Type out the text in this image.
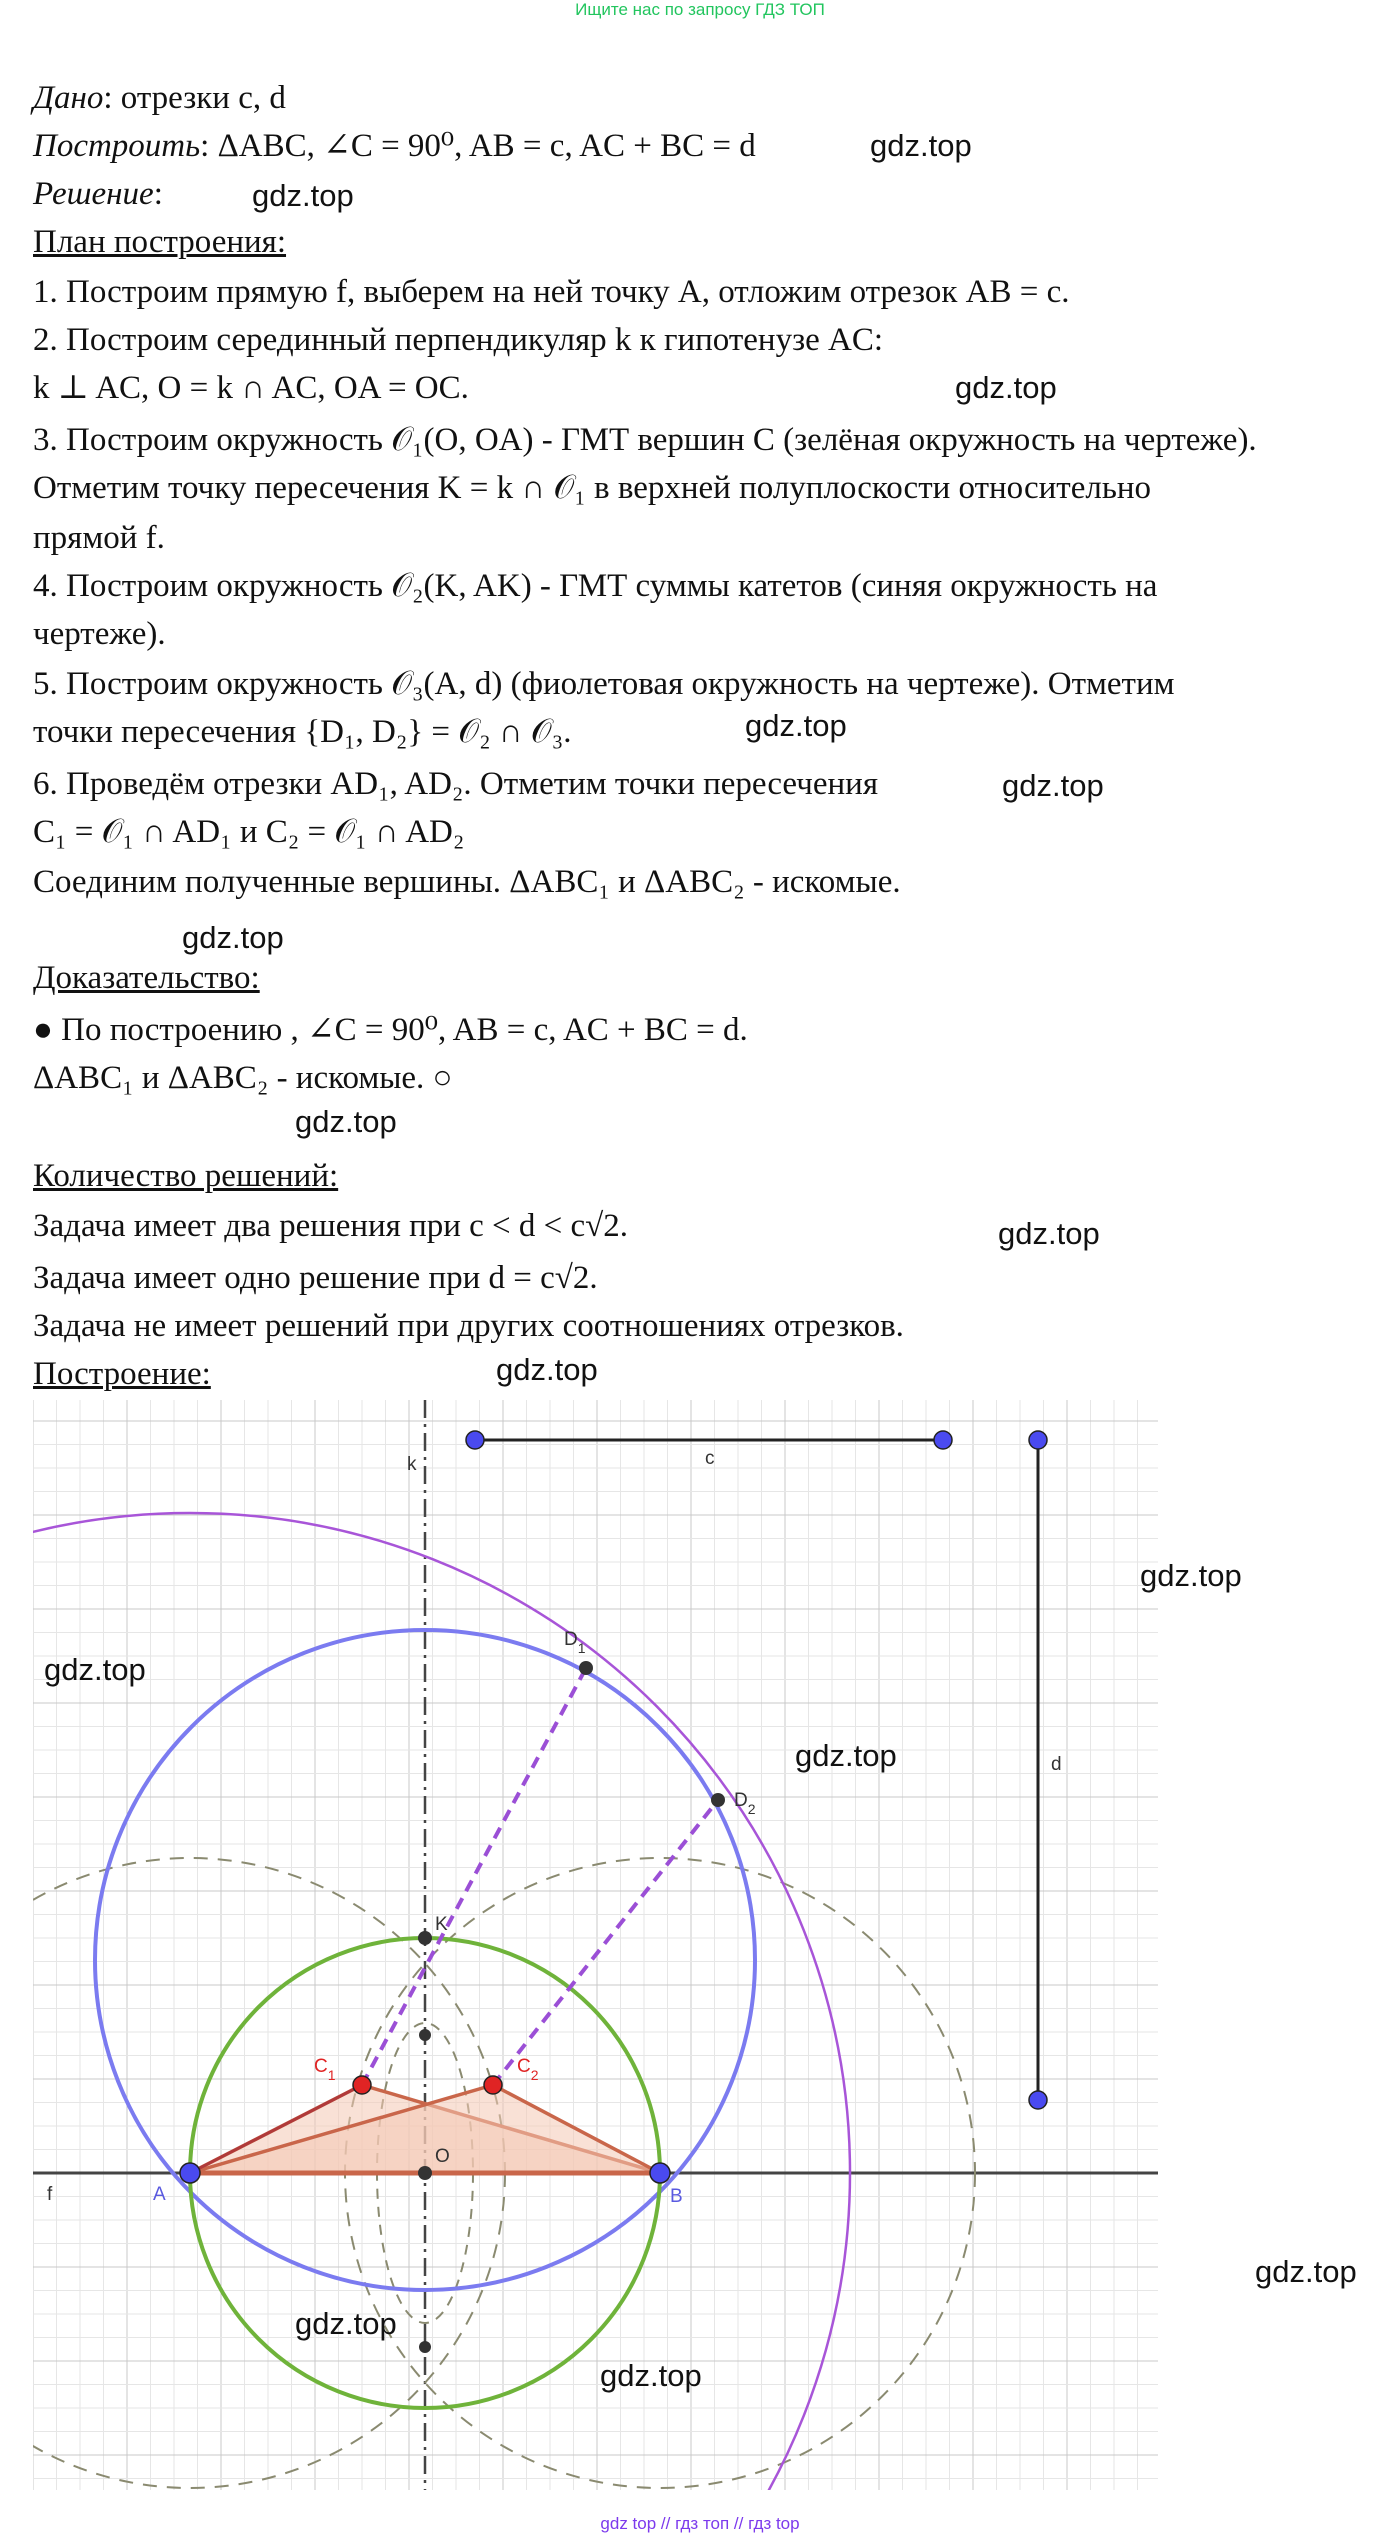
Ищите нас по запросу ГДЗ ТОП
Дано: отрезки c, d
Построить: ΔABC, ∠C = 90⁰, AB = c, AC + BC = d
Решение:
План построения:
1. Построим прямую f, выберем на ней точку A, отложим отрезок AB = c.
2. Построим серединный перпендикуляр k к гипотенузе AC:
k ⊥ AC, O = k ∩ AC, OA = OC.
3. Построим окружность 𝒪₁(O, OA) - ГМТ вершин C (зелёная окружность на чертеже).
Отметим точку пересечения K = k ∩ 𝒪₁ в верхней полуплоскости относительно
прямой f.
4. Построим окружность 𝒪₂(K, AK) - ГМТ суммы катетов (синяя окружность на
чертеже).
5. Построим окружность 𝒪₃(A, d) (фиолетовая окружность на чертеже). Отметим
точки пересечения {D₁, D₂} = 𝒪₂ ∩ 𝒪₃.
6. Проведём отрезки AD₁, AD₂. Отметим точки пересечения
C₁ = 𝒪₁ ∩ AD₁ и C₂ = 𝒪₁ ∩ AD₂
Соединим полученные вершины. ΔABC₁ и ΔABC₂ - искомые.
Доказательство:
● По построению , ∠C = 90⁰, AB = c, AC + BC = d.
ΔABC₁ и ΔABC₂ - искомые. ○
Количество решений:
Задача имеет два решения при c < d < c√2.
Задача имеет одно решение при d = c√2.
Задача не имеет решений при других соотношениях отрезков.
Построение:
k	c
d
f	A	B
O
K
$C_1$	$C_2$
$D_1$
$D_2$
gdz.top
gdz.top
gdz.top
gdz.top
gdz.top
gdz.top
gdz.top
gdz.top
gdz.top
gdz.top
gdz.top
gdz.top
gdz.top
gdz.top
gdz.top
gdz top // гдз топ // гдз top
